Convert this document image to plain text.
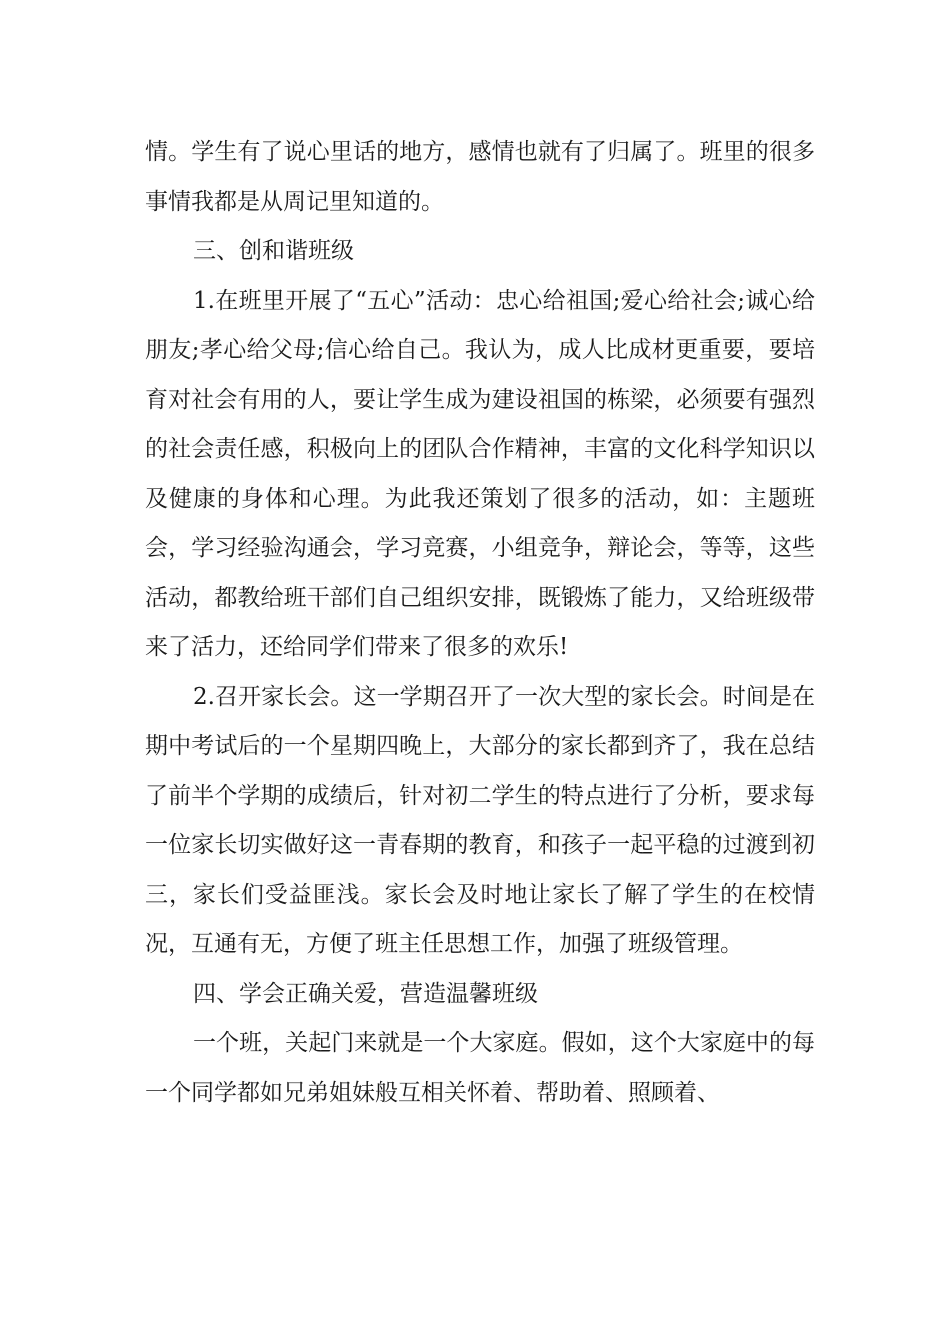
情。学生有了说心里话的地方，感情也就有了归属了。班里的很多事情我都是从周记里知道的。

三、创和谐班级

1.在班里开展了“五心”活动：忠心给祖国;爱心给社会;诚心给朋友;孝心给父母;信心给自己。我认为，成人比成材更重要，要培育对社会有用的人，要让学生成为建设祖国的栋梁，必须要有强烈的社会责任感，积极向上的团队合作精神，丰富的文化科学知识以及健康的身体和心理。为此我还策划了很多的活动，如：主题班会，学习经验沟通会，学习竞赛，小组竞争，辩论会，等等，这些活动，都教给班干部们自己组织安排，既锻炼了能力，又给班级带来了活力，还给同学们带来了很多的欢乐!

2.召开家长会。这一学期召开了一次大型的家长会。时间是在期中考试后的一个星期四晚上，大部分的家长都到齐了，我在总结了前半个学期的成绩后，针对初二学生的特点进行了分析，要求每一位家长切实做好这一青春期的教育，和孩子一起平稳的过渡到初三，家长们受益匪浅。家长会及时地让家长了解了学生的在校情况，互通有无，方便了班主任思想工作，加强了班级管理。

四、学会正确关爱，营造温馨班级

一个班，关起门来就是一个大家庭。假如，这个大家庭中的每一个同学都如兄弟姐妹般互相关怀着、帮助着、照顾着、
